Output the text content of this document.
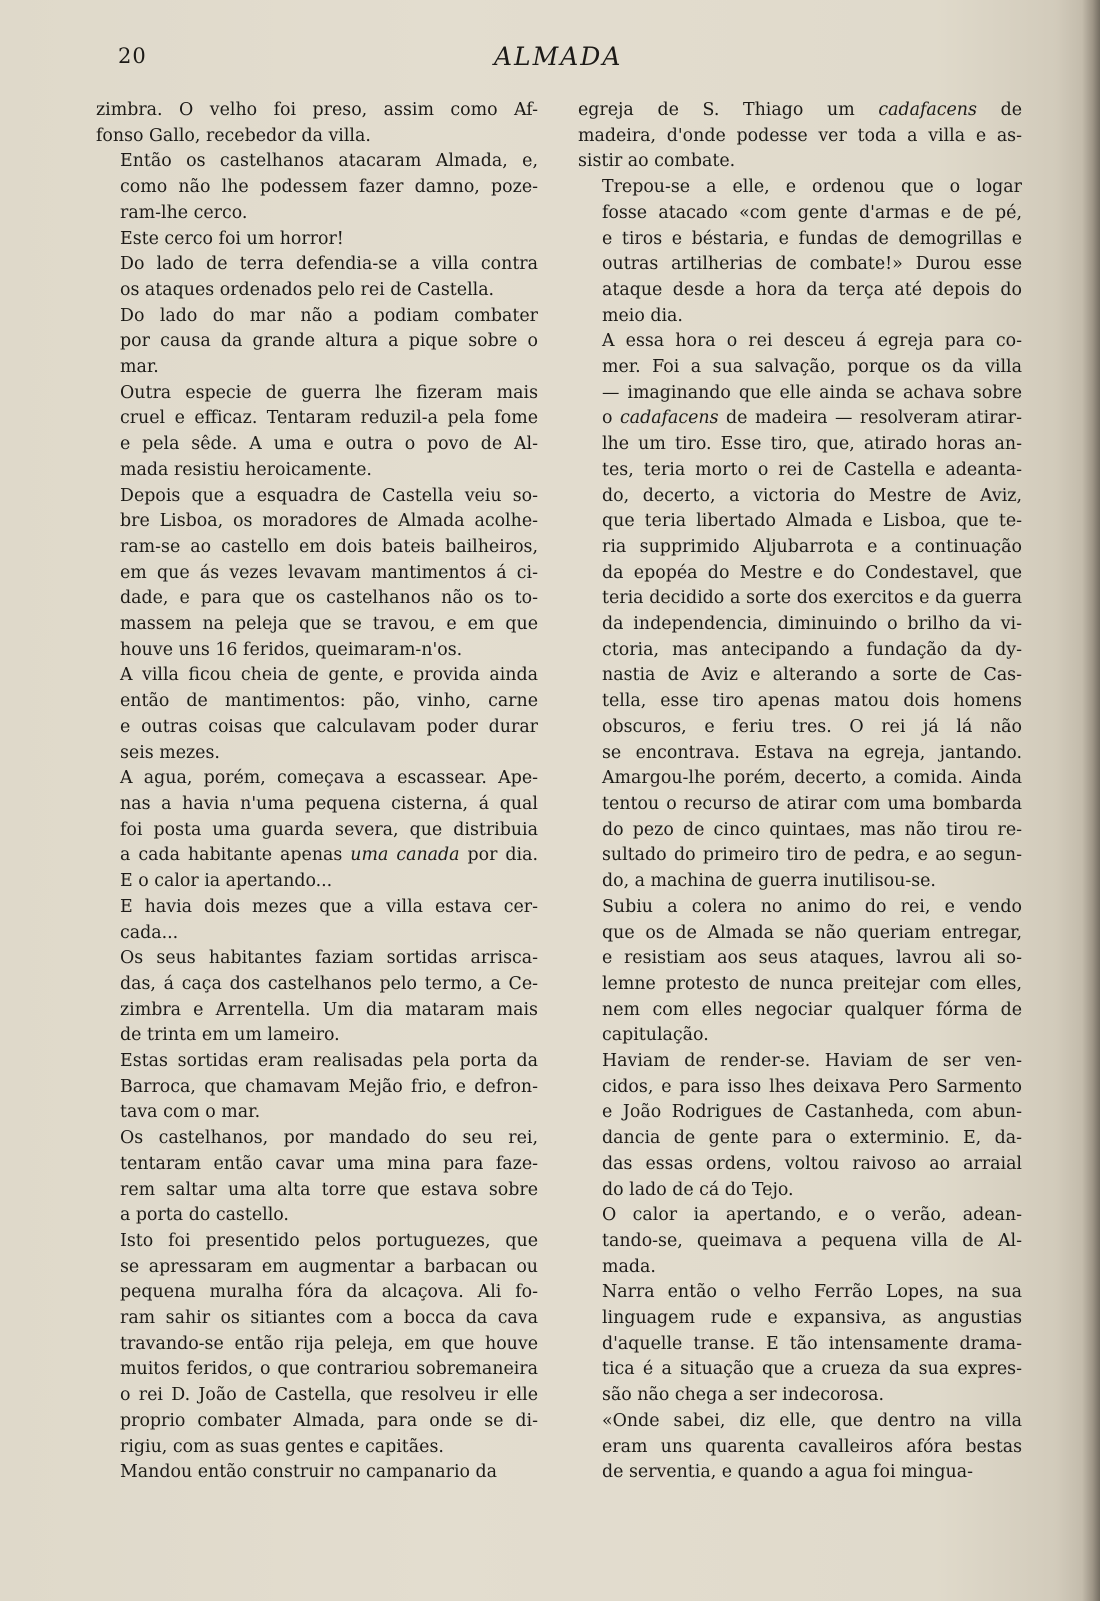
20	ALMADA
zimbra. O velho foi preso, assim como Af-
fonso Gallo, recebedor da villa.
Então os castelhanos atacaram Almada, e,
como não lhe podessem fazer damno, poze-
ram-lhe cerco.
Este cerco foi um horror!
Do lado de terra defendia-se a villa contra
os ataques ordenados pelo rei de Castella.
Do lado do mar não a podiam combater
por causa da grande altura a pique sobre o
mar.
Outra especie de guerra lhe fizeram mais
cruel e efficaz. Tentaram reduzil-a pela fome
e pela sêde. A uma e outra o povo de Al-
mada resistiu heroicamente.
Depois que a esquadra de Castella veiu so-
bre Lisboa, os moradores de Almada acolhe-
ram-se ao castello em dois bateis bailheiros,
em que ás vezes levavam mantimentos á ci-
dade, e para que os castelhanos não os to-
massem na peleja que se travou, e em que
houve uns 16 feridos, queimaram-n'os.
A villa ficou cheia de gente, e provida ainda
então de mantimentos: pão, vinho, carne
e outras coisas que calculavam poder durar
seis mezes.
A agua, porém, começava a escassear. Ape-
nas a havia n'uma pequena cisterna, á qual
foi posta uma guarda severa, que distribuia
a cada habitante apenas uma canada por dia.
E o calor ia apertando...
E havia dois mezes que a villa estava cer-
cada...
Os seus habitantes faziam sortidas arrisca-
das, á caça dos castelhanos pelo termo, a Ce-
zimbra e Arrentella. Um dia mataram mais
de trinta em um lameiro.
Estas sortidas eram realisadas pela porta da
Barroca, que chamavam Mejão frio, e defron-
tava com o mar.
Os castelhanos, por mandado do seu rei,
tentaram então cavar uma mina para faze-
rem saltar uma alta torre que estava sobre
a porta do castello.
Isto foi presentido pelos portuguezes, que
se apressaram em augmentar a barbacan ou
pequena muralha fóra da alcaçova. Ali fo-
ram sahir os sitiantes com a bocca da cava
travando-se então rija peleja, em que houve
muitos feridos, o que contrariou sobremaneira
o rei D. João de Castella, que resolveu ir elle
proprio combater Almada, para onde se di-
rigiu, com as suas gentes e capitães.
Mandou então construir no campanario da
egreja de S. Thiago um cadafacens de
madeira, d'onde podesse ver toda a villa e as-
sistir ao combate.
Trepou-se a elle, e ordenou que o logar
fosse atacado «com gente d'armas e de pé,
e tiros e béstaria, e fundas de demogrillas e
outras artilherias de combate!» Durou esse
ataque desde a hora da terça até depois do
meio dia.
A essa hora o rei desceu á egreja para co-
mer. Foi a sua salvação, porque os da villa
— imaginando que elle ainda se achava sobre
o cadafacens de madeira — resolveram atirar-
lhe um tiro. Esse tiro, que, atirado horas an-
tes, teria morto o rei de Castella e adeanta-
do, decerto, a victoria do Mestre de Aviz,
que teria libertado Almada e Lisboa, que te-
ria supprimido Aljubarrota e a continuação
da epopéa do Mestre e do Condestavel, que
teria decidido a sorte dos exercitos e da guerra
da independencia, diminuindo o brilho da vi-
ctoria, mas antecipando a fundação da dy-
nastia de Aviz e alterando a sorte de Cas-
tella, esse tiro apenas matou dois homens
obscuros, e feriu tres. O rei já lá não
se encontrava. Estava na egreja, jantando.
Amargou-lhe porém, decerto, a comida. Ainda
tentou o recurso de atirar com uma bombarda
do pezo de cinco quintaes, mas não tirou re-
sultado do primeiro tiro de pedra, e ao segun-
do, a machina de guerra inutilisou-se.
Subiu a colera no animo do rei, e vendo
que os de Almada se não queriam entregar,
e resistiam aos seus ataques, lavrou ali so-
lemne protesto de nunca preitejar com elles,
nem com elles negociar qualquer fórma de
capitulação.
Haviam de render-se. Haviam de ser ven-
cidos, e para isso lhes deixava Pero Sarmento
e João Rodrigues de Castanheda, com abun-
dancia de gente para o exterminio. E, da-
das essas ordens, voltou raivoso ao arraial
do lado de cá do Tejo.
O calor ia apertando, e o verão, adean-
tando-se, queimava a pequena villa de Al-
mada.
Narra então o velho Ferrão Lopes, na sua
linguagem rude e expansiva, as angustias
d'aquelle transe. E tão intensamente drama-
tica é a situação que a crueza da sua expres-
são não chega a ser indecorosa.
«Onde sabei, diz elle, que dentro na villa
eram uns quarenta cavalleiros afóra bestas
de serventia, e quando a agua foi mingua-
